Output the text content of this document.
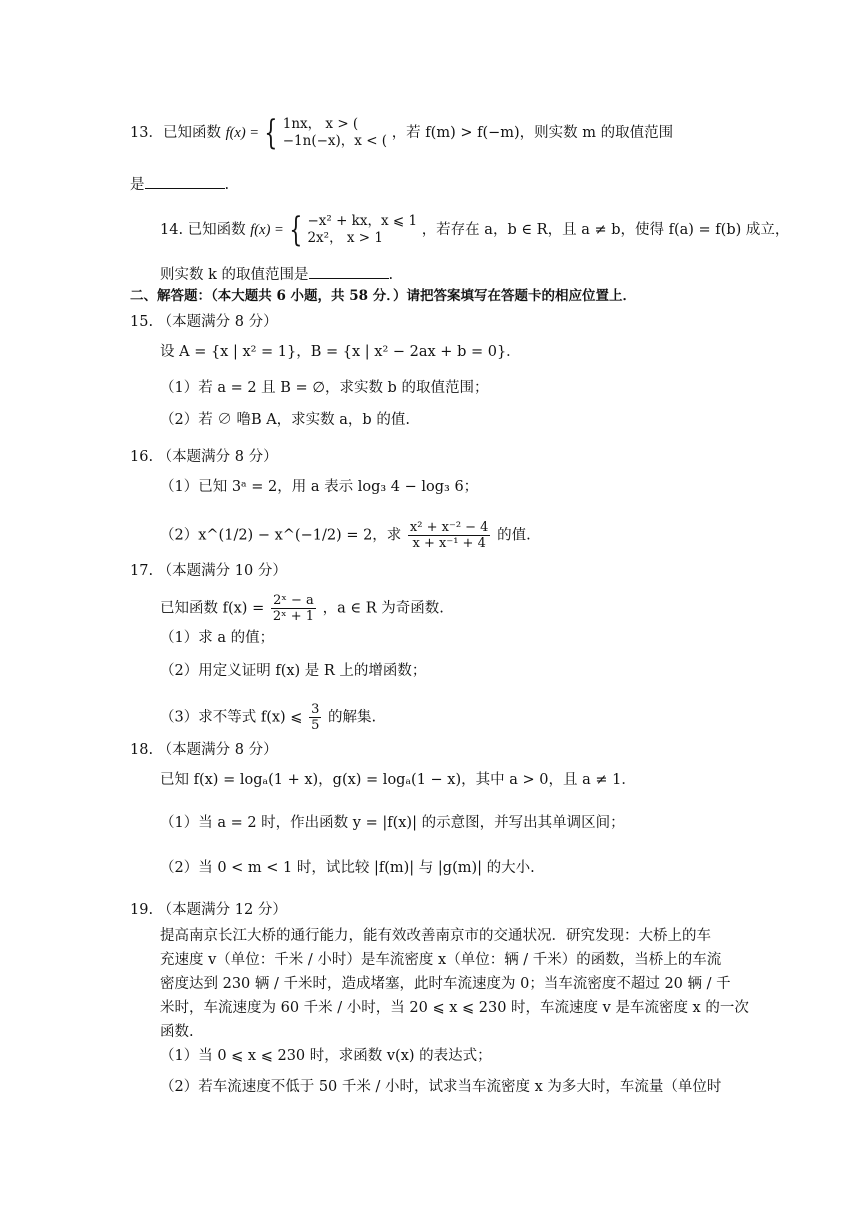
13．已知函数 f(x) = { 1nx， x > (
−1n(−x)，x < ( ，若 f(m) > f(−m)，则实数 m 的取值范围
是	.
14. 已知函数 f(x) = { −x² + kx，x ⩽ 1
2x²， x > 1	，若存在 a，b ∈ R，且 a ≠ b，使得 f(a) = f(b) 成立，
则实数 k 的取值范围是	.
二、解答题：（本大题共 6 小题，共 58 分．）请把答案填写在答题卡的相应位置上．
15. （本题满分 8 分）
设 A = {x | x² = 1}，B = {x | x² − 2ax + b = 0}．
（1）若 a = 2 且 B = ∅，求实数 b 的取值范围；
（2）若 ∅ 噜B A，求实数 a，b 的值.
16. （本题满分 8 分）
（1）已知 3ᵃ = 2，用 a 表示 log₃ 4 − log₃ 6；
（2）x^(1/2) − x^(−1/2) = 2，求 $\frac{\text{x² + x⁻² − 4}}{\text{x + x⁻¹ + 4}}$ 的值.
17. （本题满分 10 分）
已知函数 $f(x) = \frac{\text{2ˣ − a}}{\text{2ˣ + 1}}$ ，a ∈ R 为奇函数.
（1）求 a 的值；
（2）用定义证明 f(x) 是 R 上的增函数；
（3）求不等式 f(x) ⩽ $\frac{3}{5}$ 的解集.
18. （本题满分 8 分）
已知 f(x) = logₐ(1 + x)，g(x) = logₐ(1 − x)，其中 a > 0，且 a ≠ 1．
（1）当 a = 2 时，作出函数 y = |f(x)| 的示意图，并写出其单调区间；
（2）当 0 < m < 1 时，试比较 |f(m)| 与 |g(m)| 的大小.
19. （本题满分 12 分）
提高南京长江大桥的通行能力，能有效改善南京市的交通状况．研究发现：大桥上的车
充速度 v（单位：千米 / 小时）是车流密度 x（单位：辆 / 千米）的函数，当桥上的车流
密度达到 230 辆 / 千米时，造成堵塞，此时车流速度为 0；当车流密度不超过 20 辆 / 千
米时，车流速度为 60 千米 / 小时，当 20 ⩽ x ⩽ 230 时，车流速度 v 是车流密度 x 的一次
函数.
（1）当 0 ⩽ x ⩽ 230 时，求函数 v(x) 的表达式；
（2）若车流速度不低于 50 千米 / 小时，试求当车流密度 x 为多大时，车流量（单位时
